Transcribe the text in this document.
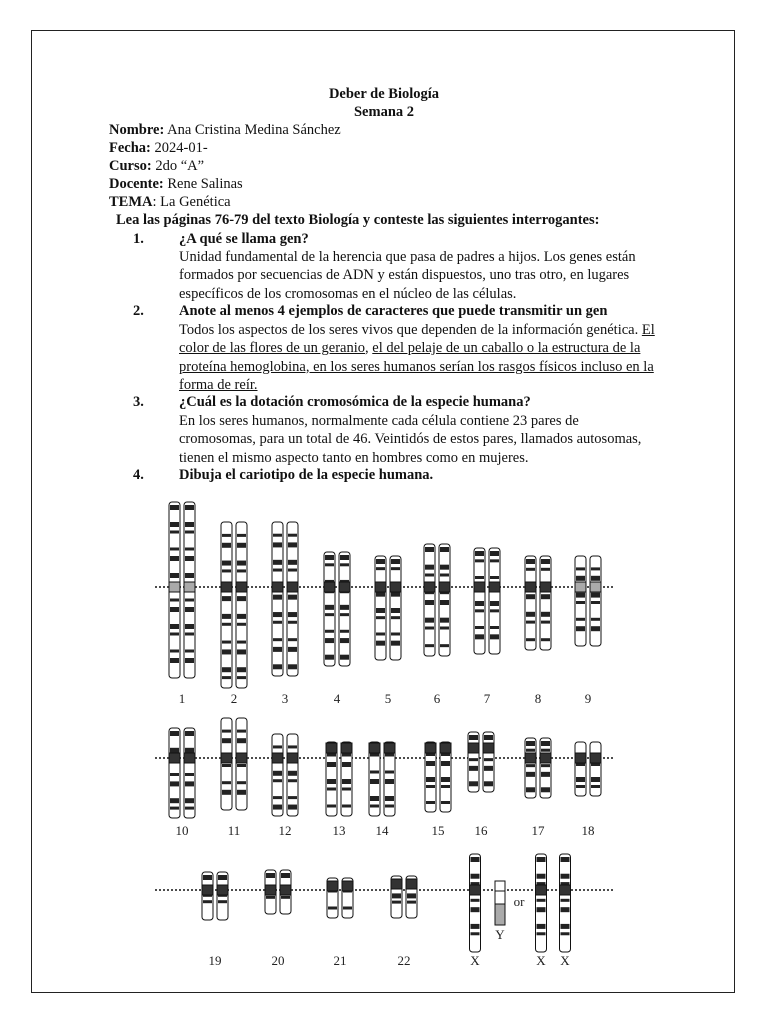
Deber de Biología
Semana 2
Nombre: Ana Cristina Medina Sánchez
Fecha: 2024-01-
Curso: 2do “A”
Docente: Rene Salinas
TEMA: La Genética
Lea las páginas 76-79 del texto Biología y conteste las siguientes interrogantes:
1. ¿A qué se llama gen?
Unidad fundamental de la herencia que pasa de padres a hijos. Los genes están formados por secuencias de ADN y están dispuestos, uno tras otro, en lugares específicos de los cromosomas en el núcleo de las células.
2. Anote al menos 4 ejemplos de caracteres que puede transmitir un gen
Todos los aspectos de los seres vivos que dependen de la información genética. El color de las flores de un geranio, el del pelaje de un caballo o la estructura de la proteína hemoglobina, en los seres humanos serían los rasgos físicos incluso en la forma de reír.
3. ¿Cuál es la dotación cromosómica de la especie humana?
En los seres humanos, normalmente cada célula contiene 23 pares de cromosomas, para un total de 46. Veintidós de estos pares, llamados autosomas, tienen el mismo aspecto tanto en hombres como en mujeres.
4. Dibuja el cariotipo de la especie humana.
1	2	3	4	5	6	7	8	9
10	11	12	13 14	15 16	17	18
19	20	21	22	X
Y
or
X X
